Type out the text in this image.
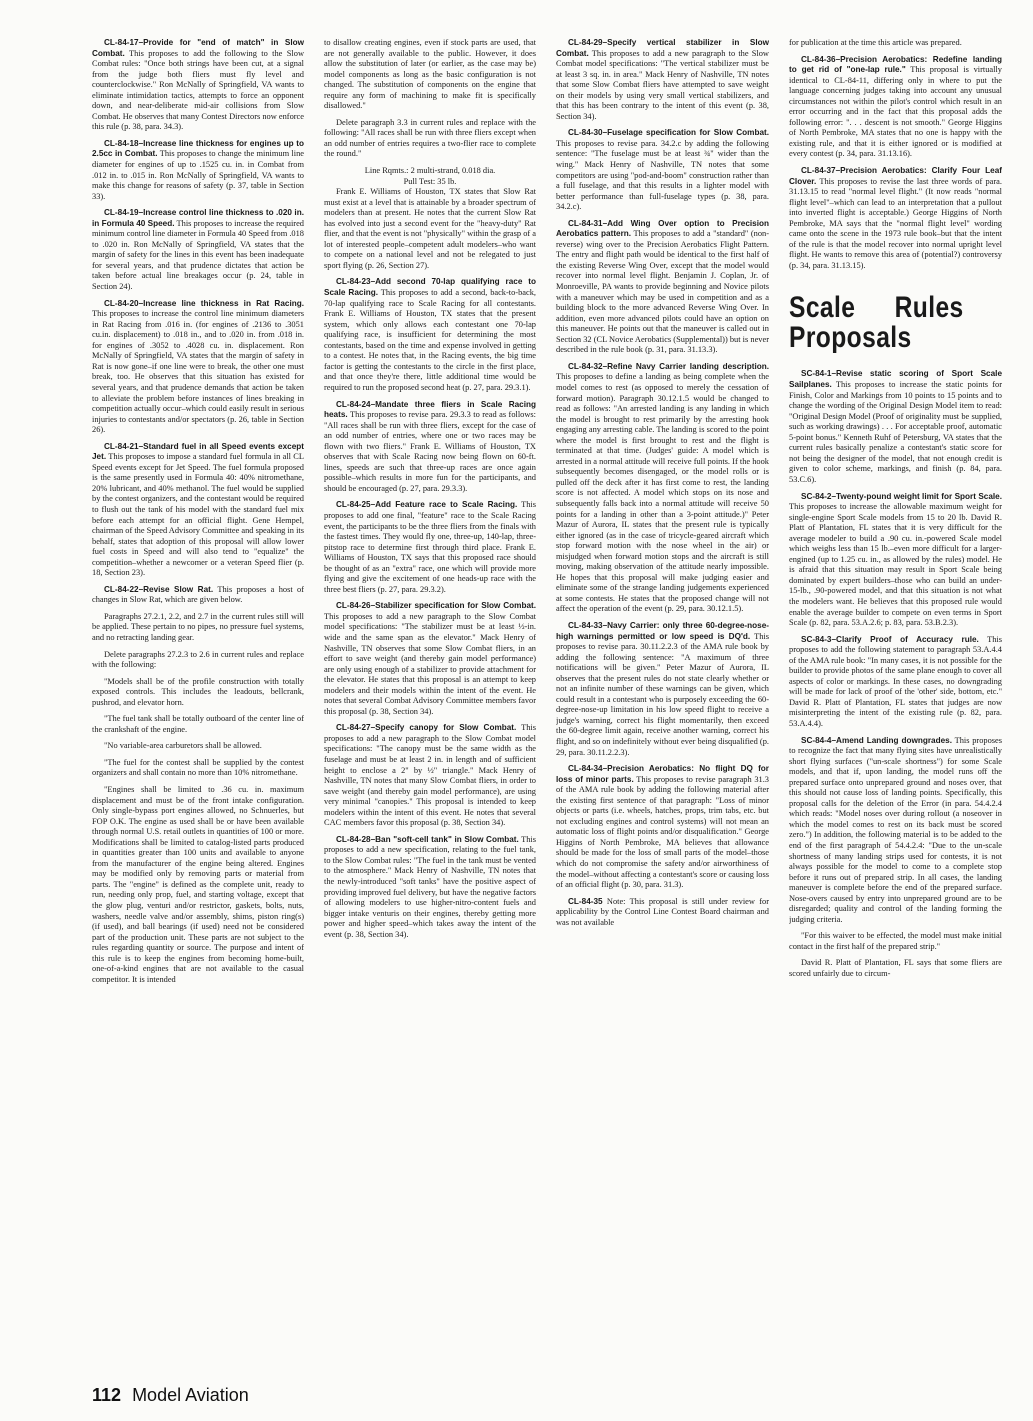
CL-84-17–Provide for "end of match" in Slow Combat. This proposes to add the following to the Slow Combat rules: "Once both strings have been cut, at a signal from the judge both fliers must fly level and counterclockwise." Ron McNally of Springfield, VA wants to eliminate intimidation tactics, attempts to force an opponent down, and near-deliberate mid-air collisions from Slow Combat. He observes that many Contest Directors now enforce this rule (p. 38, para. 34.3).

CL-84-18–Increase line thickness for engines up to 2.5cc in Combat. This proposes to change the minimum line diameter for engines of up to .1525 cu. in. in Combat from .012 in. to .015 in. Ron McNally of Springfield, VA wants to make this change for reasons of safety (p. 37, table in Section 33).

CL-84-19–Increase control line thickness to .020 in. in Formula 40 Speed. This proposes to increase the required minimum control line diameter in Formula 40 Speed from .018 to .020 in. Ron McNally of Springfield, VA states that the margin of safety for the lines in this event has been inadequate for several years, and that prudence dictates that action be taken before actual line breakages occur (p. 24, table in Section 24).

CL-84-20–Increase line thickness in Rat Racing. This proposes to increase the control line minimum diameters in Rat Racing from .016 in. (for engines of .2136 to .3051 cu.in. displacement) to .018 in., and to .020 in. from .018 in. for engines of .3052 to .4028 cu. in. displacement. Ron McNally of Springfield, VA states that the margin of safety in Rat is now gone–if one line were to break, the other one must break, too. He observes that this situation has existed for several years, and that prudence demands that action be taken to alleviate the problem before instances of lines breaking in competition actually occur–which could easily result in serious injuries to contestants and/or spectators (p. 26, table in Section 26).

CL-84-21–Standard fuel in all Speed events except Jet. This proposes to impose a standard fuel formula in all CL Speed events except for Jet Speed. The fuel formula proposed is the same presently used in Formula 40: 40% nitromethane, 20% lubricant, and 40% methanol. The fuel would be supplied by the contest organizers, and the contestant would be required to flush out the tank of his model with the standard fuel mix before each attempt for an official flight. Gene Hempel, chairman of the Speed Advisory Committee and speaking in its behalf, states that adoption of this proposal will allow lower fuel costs in Speed and will also tend to "equalize" the competition–whether a newcomer or a veteran Speed flier (p. 18, Section 23).

CL-84-22–Revise Slow Rat. This proposes a host of changes in Slow Rat, which are given below.

Paragraphs 27.2.1, 2.2, and 2.7 in the current rules still will be applied. These pertain to no pipes, no pressure fuel systems, and no retracting landing gear.

Delete paragraphs 27.2.3 to 2.6 in current rules and replace with the following:

"Models shall be of the profile construction with totally exposed controls. This includes the leadouts, bellcrank, pushrod, and elevator horn.

"The fuel tank shall be totally outboard of the center line of the crankshaft of the engine.

"No variable-area carburetors shall be allowed.

"The fuel for the contest shall be supplied by the contest organizers and shall contain no more than 10% nitromethane.

"Engines shall be limited to .36 cu. in. maximum displacement and must be of the front intake configuration. Only single-bypass port engines allowed, no Schnuerles, but FOP O.K. The engine as used shall be or have been available through normal U.S. retail outlets in quantities of 100 or more. Modifications shall be limited to catalog-listed parts produced in quantities greater than 100 units and available to anyone from the manufacturer of the engine being altered. Engines may be modified only by removing parts or material from parts. The "engine" is defined as the complete unit, ready to run, needing only prop, fuel, and starting voltage, except that the glow plug, venturi and/or restrictor, gaskets, bolts, nuts, washers, needle valve and/or assembly, shims, piston ring(s) (if used), and ball bearings (if used) need not be considered part of the production unit. These parts are not subject to the rules regarding quantity or source. The purpose and intent of this rule is to keep the engines from becoming home-built, one-of-a-kind engines that are not available to the casual competitor. It is intended

to disallow creating engines, even if stock parts are used, that are not generally available to the public. However, it does allow the substitution of later (or earlier, as the case may be) model components as long as the basic configuration is not changed. The substitution of components on the engine that require any form of machining to make fit is specifically disallowed."

Delete paragraph 3.3 in current rules and replace with the following: "All races shall be run with three fliers except when an odd number of entries requires a two-flier race to complete the round."

Line Rqmts.: 2 multi-strand, 0.018 dia.

Pull Test: 35 lb.

Frank E. Williams of Houston, TX states that Slow Rat must exist at a level that is attainable by a broader spectrum of modelers than at present. He notes that the current Slow Rat has evolved into just a second event for the "heavy-duty" Rat flier, and that the event is not "physically" within the grasp of a lot of interested people–competent adult modelers–who want to compete on a national level and not be relegated to just sport flying (p. 26, Section 27).

CL-84-23–Add second 70-lap qualifying race to Scale Racing. This proposes to add a second, back-to-back, 70-lap qualifying race to Scale Racing for all contestants. Frank E. Williams of Houston, TX states that the present system, which only allows each contestant one 70-lap qualifying race, is insufficient for determining the most contestants, based on the time and expense involved in getting to a contest. He notes that, in the Racing events, the big time factor is getting the contestants to the circle in the first place, and that once they're there, little additional time would be required to run the proposed second heat (p. 27, para. 29.3.1).

CL-84-24–Mandate three fliers in Scale Racing heats. This proposes to revise para. 29.3.3 to read as follows: "All races shall be run with three fliers, except for the case of an odd number of entries, where one or two races may be flown with two fliers." Frank E. Williams of Houston, TX observes that with Scale Racing now being flown on 60-ft. lines, speeds are such that three-up races are once again possible–which results in more fun for the participants, and should be encouraged (p. 27, para. 29.3.3).

CL-84-25–Add Feature race to Scale Racing. This proposes to add one final, "feature" race to the Scale Racing event, the participants to be the three fliers from the finals with the fastest times. They would fly one, three-up, 140-lap, three-pitstop race to determine first through third place. Frank E. Williams of Houston, TX says that this proposed race should be thought of as an "extra" race, one which will provide more flying and give the excitement of one heads-up race with the three best fliers (p. 27, para. 29.3.2).

CL-84-26–Stabilizer specification for Slow Combat. This proposes to add a new paragraph to the Slow Combat model specifications: "The stabilizer must be at least ½-in. wide and the same span as the elevator." Mack Henry of Nashville, TN observes that some Slow Combat fliers, in an effort to save weight (and thereby gain model performance) are only using enough of a stabilizer to provide attachment for the elevator. He states that this proposal is an attempt to keep modelers and their models within the intent of the event. He notes that several Combat Advisory Committee members favor this proposal (p. 38, Section 34).

CL-84-27–Specify canopy for Slow Combat. This proposes to add a new paragraph to the Slow Combat model specifications: "The canopy must be the same width as the fuselage and must be at least 2 in. in length and of sufficient height to enclose a 2" by ½" triangle." Mack Henry of Nashville, TN notes that many Slow Combat fliers, in order to save weight (and thereby gain model performance), are using very minimal "canopies." This proposal is intended to keep modelers within the intent of this event. He notes that several CAC members favor this proposal (p. 38, Section 34).

CL-84-28–Ban "soft-cell tank" in Slow Combat. This proposes to add a new specification, relating to the fuel tank, to the Slow Combat rules: "The fuel in the tank must be vented to the atmosphere." Mack Henry of Nashville, TN notes that the newly-introduced "soft tanks" have the positive aspect of providing improved fuel delivery, but have the negative factors of allowing modelers to use higher-nitro-content fuels and bigger intake venturis on their engines, thereby getting more power and higher speed–which takes away the intent of the event (p. 38, Section 34).

CL-84-29–Specify vertical stabilizer in Slow Combat. This proposes to add a new paragraph to the Slow Combat model specifications: "The vertical stabilizer must be at least 3 sq. in. in area." Mack Henry of Nashville, TN notes that some Slow Combat fliers have attempted to save weight on their models by using very small vertical stabilizers, and that this has been contrary to the intent of this event (p. 38, Section 34).

CL-84-30–Fuselage specification for Slow Combat. This proposes to revise para. 34.2.c by adding the following sentence: "The fuselage must be at least ¾" wider than the wing." Mack Henry of Nashville, TN notes that some competitors are using "pod-and-boom" construction rather than a full fuselage, and that this results in a lighter model with better performance than full-fuselage types (p. 38, para. 34.2.c).

CL-84-31–Add Wing Over option to Precision Aerobatics pattern. This proposes to add a "standard" (non-reverse) wing over to the Precision Aerobatics Flight Pattern. The entry and flight path would be identical to the first half of the existing Reverse Wing Over, except that the model would recover into normal level flight. Benjamin J. Coplan, Jr. of Monroeville, PA wants to provide beginning and Novice pilots with a maneuver which may be used in competition and as a building block to the more advanced Reverse Wing Over. In addition, even more advanced pilots could have an option on this maneuver. He points out that the maneuver is called out in Section 32 (CL Novice Aerobatics (Supplemental)) but is never described in the rule book (p. 31, para. 31.13.3).

CL-84-32–Refine Navy Carrier landing description. This proposes to define a landing as being complete when the model comes to rest (as opposed to merely the cessation of forward motion). Paragraph 30.12.1.5 would be changed to read as follows: "An arrested landing is any landing in which the model is brought to rest primarily by the arresting hook engaging any arresting cable. The landing is scored to the point where the model is first brought to rest and the flight is terminated at that time. (Judges' guide: A model which is arrested in a normal attitude will receive full points. If the hook subsequently becomes disengaged, or the model rolls or is pulled off the deck after it has first come to rest, the landing score is not affected. A model which stops on its nose and subsequently falls back into a normal attitude will receive 50 points for a landing in other than a 3-point attitude.)" Peter Mazur of Aurora, IL states that the present rule is typically either ignored (as in the case of tricycle-geared aircraft which stop forward motion with the nose wheel in the air) or misjudged when forward motion stops and the aircraft is still moving, making observation of the attitude nearly impossible. He hopes that this proposal will make judging easier and eliminate some of the strange landing judgements experienced at some contests. He states that the proposed change will not affect the operation of the event (p. 29, para. 30.12.1.5).

CL-84-33–Navy Carrier: only three 60-degree-nose-high warnings permitted or low speed is DQ'd. This proposes to revise para. 30.11.2.2.3 of the AMA rule book by adding the following sentence: "A maximum of three notifications will be given." Peter Mazur of Aurora, IL observes that the present rules do not state clearly whether or not an infinite number of these warnings can be given, which could result in a contestant who is purposely exceeding the 60-degree-nose-up limitation in his low speed flight to receive a judge's warning, correct his flight momentarily, then exceed the 60-degree limit again, receive another warning, correct his flight, and so on indefinitely without ever being disqualified (p. 29, para. 30.11.2.2.3).

CL-84-34–Precision Aerobatics: No flight DQ for loss of minor parts. This proposes to revise paragraph 31.3 of the AMA rule book by adding the following material after the existing first sentence of that paragraph: "Loss of minor objects or parts (i.e. wheels, hatches, props, trim tabs, etc. but not excluding engines and control systems) will not mean an automatic loss of flight points and/or disqualification." George Higgins of North Pembroke, MA believes that allowance should be made for the loss of small parts of the model–those which do not compromise the safety and/or airworthiness of the model–without affecting a contestant's score or causing loss of an official flight (p. 30, para. 31.3).

CL-84-35 Note: This proposal is still under review for applicability by the Control Line Contest Board chairman and was not available

for publication at the time this article was prepared.

CL-84-36–Precision Aerobatics: Redefine landing to get rid of "one-lap rule." This proposal is virtually identical to CL-84-11, differing only in where to put the language concerning judges taking into account any unusual circumstances not within the pilot's control which result in an error occurring and in the fact that this proposal adds the following error: ". . . descent is not smooth." George Higgins of North Pembroke, MA states that no one is happy with the existing rule, and that it is either ignored or is modified at every contest (p. 34, para. 31.13.16).

CL-84-37–Precision Aerobatics: Clarify Four Leaf Clover. This proposes to revise the last three words of para. 31.13.15 to read "normal level flight." (It now reads "normal flight level"–which can lead to an interpretation that a pullout into inverted flight is acceptable.) George Higgins of North Pembroke, MA says that the "normal flight level" wording came onto the scene in the 1973 rule book–but that the intent of the rule is that the model recover into normal upright level flight. He wants to remove this area of (potential?) controversy (p. 34, para. 31.13.15).

Scale Rules Proposals

SC-84-1–Revise static scoring of Sport Scale Sailplanes. This proposes to increase the static points for Finish, Color and Markings from 10 points to 15 points and to change the wording of the Original Design Model item to read: "Original Design Model (Proof of originality must be supplied, such as working drawings) . . . For acceptable proof, automatic 5-point bonus." Kenneth Ruhf of Petersburg, VA states that the current rules basically penalize a contestant's static score for not being the designer of the model, that not enough credit is given to color scheme, markings, and finish (p. 84, para. 53.C.6).

SC-84-2–Twenty-pound weight limit for Sport Scale. This proposes to increase the allowable maximum weight for single-engine Sport Scale models from 15 to 20 lb. David R. Platt of Plantation, FL states that it is very difficult for the average modeler to build a .90 cu. in.-powered Scale model which weighs less than 15 lb.–even more difficult for a larger-engined (up to 1.25 cu. in., as allowed by the rules) model. He is afraid that this situation may result in Sport Scale being dominated by expert builders–those who can build an under-15-lb., .90-powered model, and that this situation is not what the modelers want. He believes that this proposed rule would enable the average builder to compete on even terms in Sport Scale (p. 82, para. 53.A.2.6; p. 83, para. 53.B.2.3).

SC-84-3–Clarify Proof of Accuracy rule. This proposes to add the following statement to paragraph 53.A.4.4 of the AMA rule book: "In many cases, it is not possible for the builder to provide photos of the same plane enough to cover all aspects of color or markings. In these cases, no downgrading will be made for lack of proof of the 'other' side, bottom, etc." David R. Platt of Plantation, FL states that judges are now misinterpreting the intent of the existing rule (p. 82, para. 53.A.4.4).

SC-84-4–Amend Landing downgrades. This proposes to recognize the fact that many flying sites have unrealistically short flying surfaces ("un-scale shortness") for some Scale models, and that if, upon landing, the model runs off the prepared surface onto unprepared ground and noses over, that this should not cause loss of landing points. Specifically, this proposal calls for the deletion of the Error (in para. 54.4.2.4 which reads: "Model noses over during rollout (a noseover in which the model comes to rest on its back must be scored zero.") In addition, the following material is to be added to the end of the first paragraph of 54.4.2.4: "Due to the un-scale shortness of many landing strips used for contests, it is not always possible for the model to come to a complete stop before it runs out of prepared strip. In all cases, the landing maneuver is complete before the end of the prepared surface. Nose-overs caused by entry into unprepared ground are to be disregarded; quality and control of the landing forming the judging criteria.

"For this waiver to be effected, the model must make initial contact in the first half of the prepared strip."

David R. Platt of Plantation, FL says that some fliers are scored unfairly due to circum-

112 Model Aviation
